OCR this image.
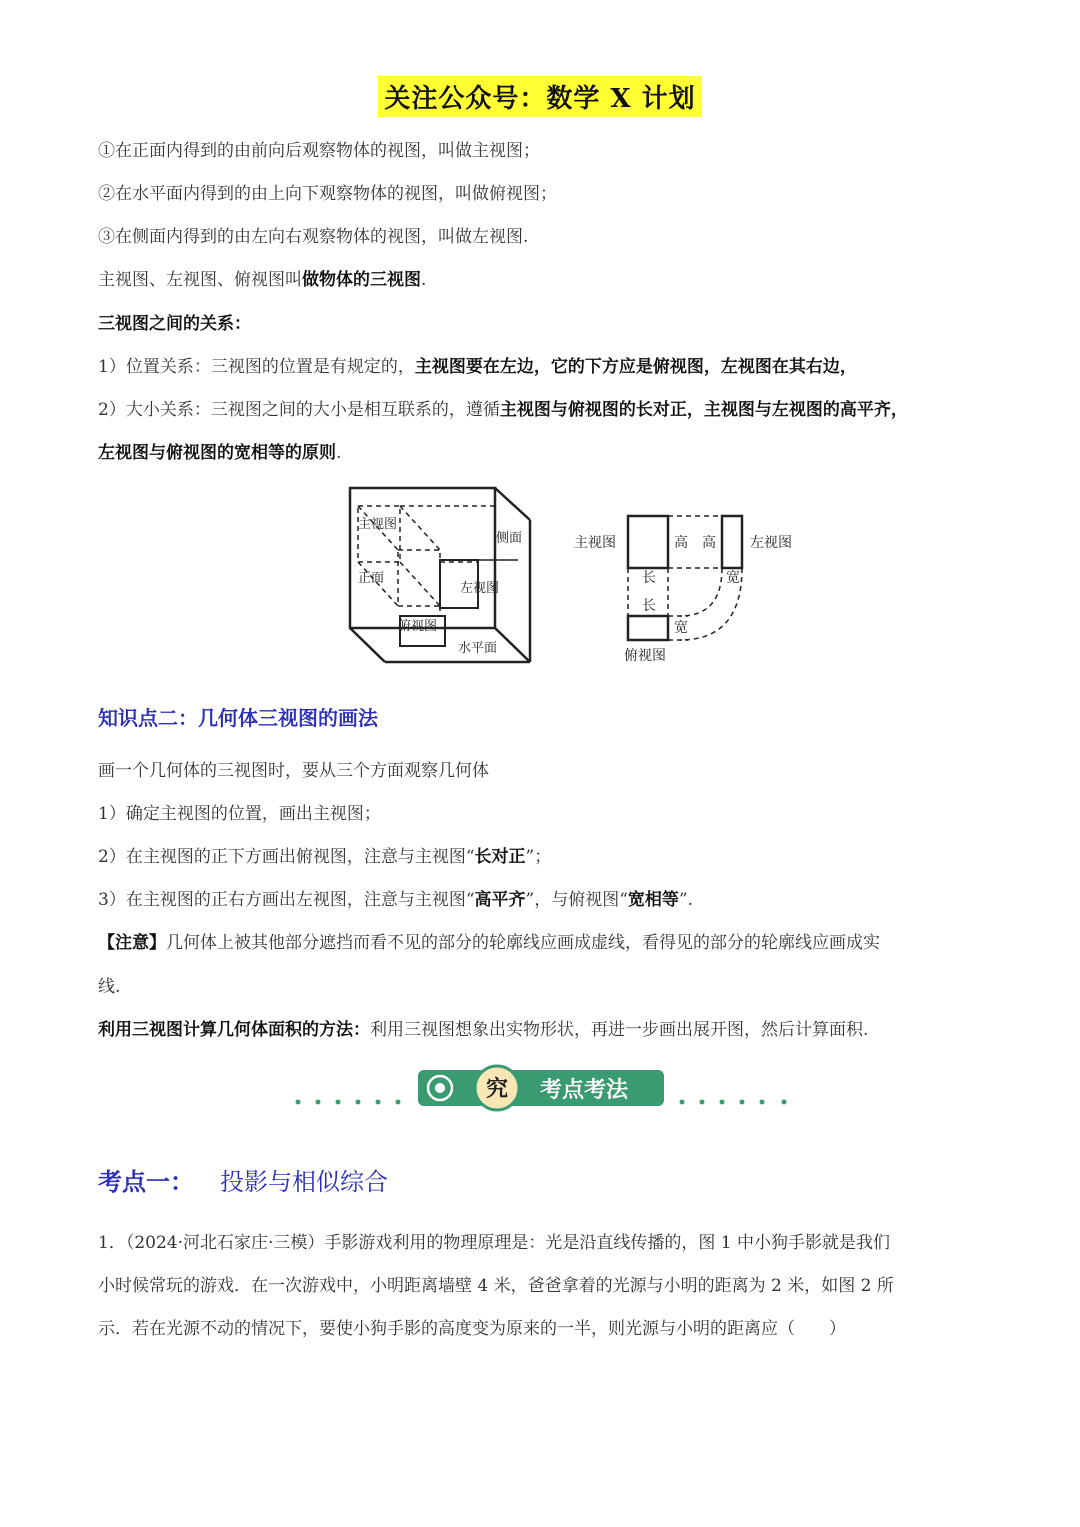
关注公众号：数学 X 计划
①在正面内得到的由前向后观察物体的视图，叫做主视图；
②在水平面内得到的由上向下观察物体的视图，叫做俯视图；
③在侧面内得到的由左向右观察物体的视图，叫做左视图.
主视图、左视图、俯视图叫做物体的三视图.
三视图之间的关系：
1）位置关系：三视图的位置是有规定的，主视图要在左边，它的下方应是俯视图，左视图在其右边，
2）大小关系：三视图之间的大小是相互联系的，遵循主视图与俯视图的长对正，主视图与左视图的高平齐，
左视图与俯视图的宽相等的原则.
主视图
侧面
正面
左视图
俯视图
水平面
主视图	高 高 左视图
长
长
宽
宽
俯视图
知识点二：几何体三视图的画法
画一个几何体的三视图时，要从三个方面观察几何体
1）确定主视图的位置，画出主视图；
2）在主视图的正下方画出俯视图，注意与主视图“长对正”；
3）在主视图的正右方画出左视图，注意与主视图“高平齐”，与俯视图“宽相等”.
【注意】几何体上被其他部分遮挡而看不见的部分的轮廓线应画成虚线，看得见的部分的轮廓线应画成实
线.
利用三视图计算几何体面积的方法：利用三视图想象出实物形状，再进一步画出展开图，然后计算面积.
究 考点考法
考点一： 投影与相似综合
1．（2024·河北石家庄·三模）手影游戏利用的物理原理是：光是沿直线传播的，图 1 中小狗手影就是我们
小时候常玩的游戏．在一次游戏中，小明距离墙壁 4 米，爸爸拿着的光源与小明的距离为 2 米，如图 2 所
示．若在光源不动的情况下，要使小狗手影的高度变为原来的一半，则光源与小明的距离应（　　）
